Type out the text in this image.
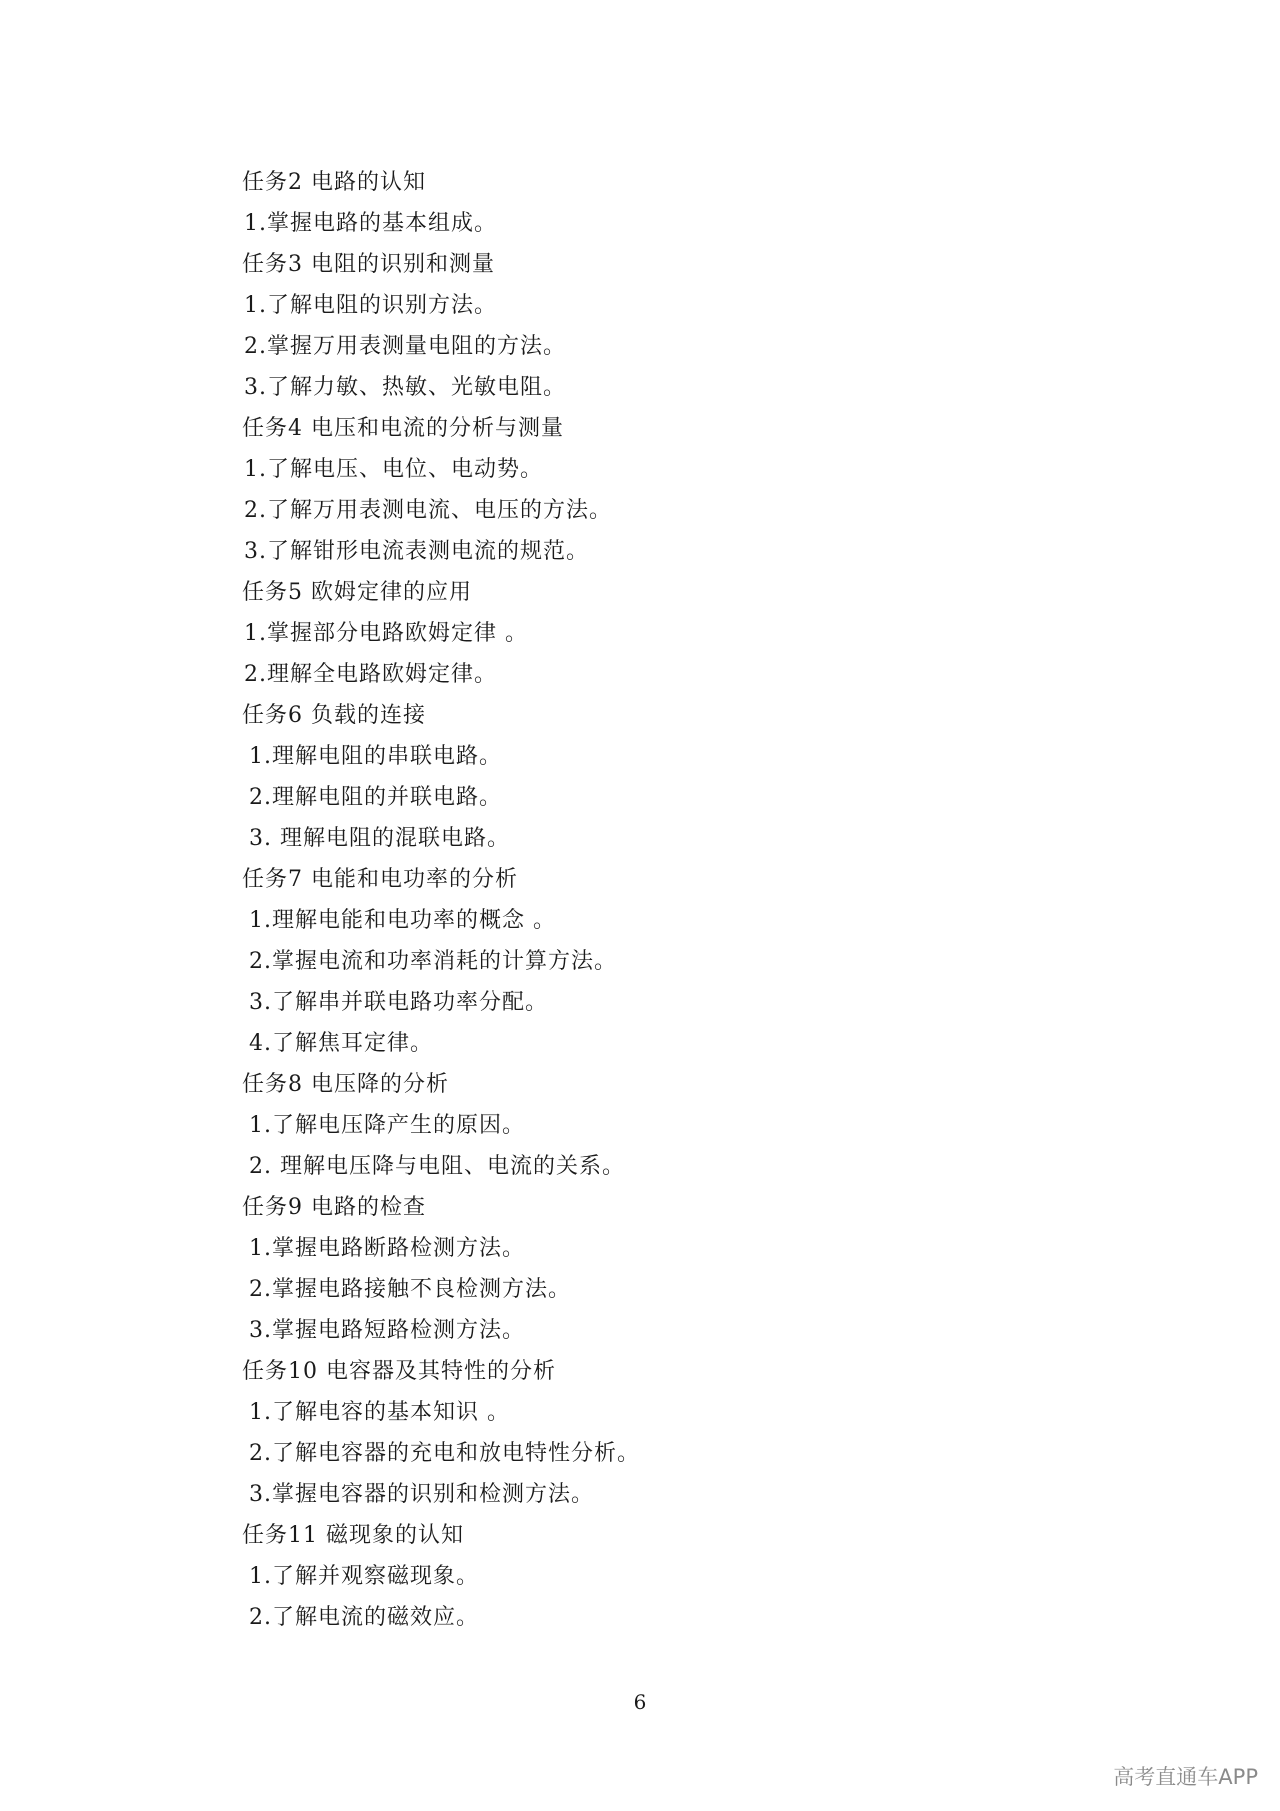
任务2 电路的认知
1.掌握电路的基本组成。
任务3 电阻的识别和测量
1.了解电阻的识别方法。
2.掌握万用表测量电阻的方法。
3.了解力敏、热敏、光敏电阻。
任务4 电压和电流的分析与测量
1.了解电压、电位、电动势。
2.了解万用表测电流、电压的方法。
3.了解钳形电流表测电流的规范。
任务5 欧姆定律的应用
1.掌握部分电路欧姆定律 。
2.理解全电路欧姆定律。
任务6 负载的连接
1.理解电阻的串联电路。
2.理解电阻的并联电路。
3. 理解电阻的混联电路。
任务7 电能和电功率的分析
1.理解电能和电功率的概念 。
2.掌握电流和功率消耗的计算方法。
3.了解串并联电路功率分配。
4.了解焦耳定律。
任务8 电压降的分析
1.了解电压降产生的原因。
2. 理解电压降与电阻、电流的关系。
任务9 电路的检查
1.掌握电路断路检测方法。
2.掌握电路接触不良检测方法。
3.掌握电路短路检测方法。
任务10 电容器及其特性的分析
1.了解电容的基本知识 。
2.了解电容器的充电和放电特性分析。
3.掌握电容器的识别和检测方法。
任务11 磁现象的认知
1.了解并观察磁现象。
2.了解电流的磁效应。
6
高考直通车APP
